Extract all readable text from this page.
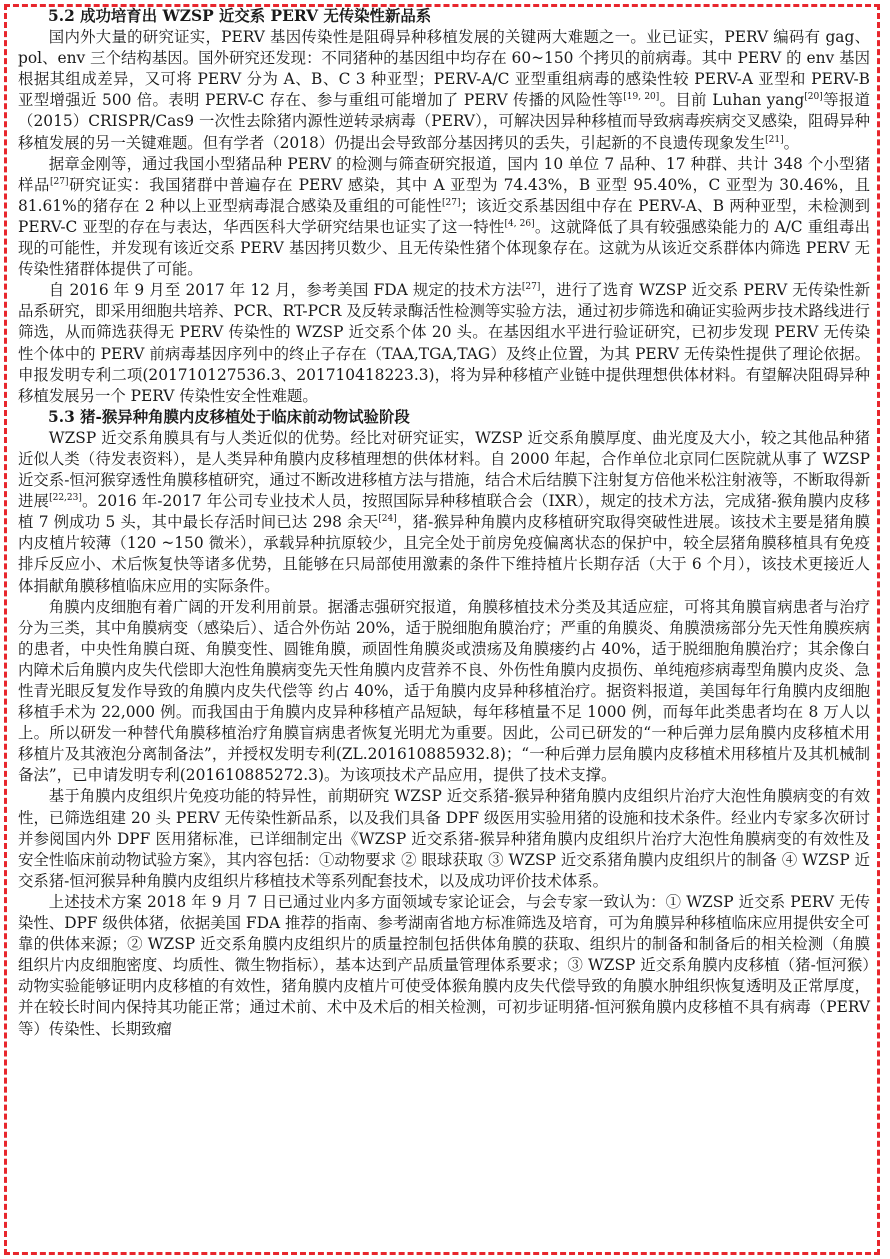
5.2 成功培育出 WZSP 近交系 PERV 无传染性新品系

国内外大量的研究证实，PERV 基因传染性是阻碍异种移植发展的关键两大难题之一。业已证实，PERV 编码有 gag、pol、env 三个结构基因。国外研究还发现：不同猪种的基因组中均存在 60~150 个拷贝的前病毒。其中 PERV 的 env 基因根据其组成差异，又可将 PERV 分为 A、B、C 3 种亚型；PERV-A/C 亚型重组病毒的感染性较 PERV-A 亚型和 PERV-B 亚型增强近 500 倍。表明 PERV-C 存在、参与重组可能增加了 PERV 传播的风险性等[19, 20]。目前 Luhan yang[20]等报道（2015）CRISPR/Cas9 一次性去除猪内源性逆转录病毒（PERV），可解决因异种移植而导致病毒疾病交叉感染，阻碍异种移植发展的另一关键难题。但有学者（2018）仍提出会导致部分基因拷贝的丢失，引起新的不良遗传现象发生[21]。

据章金刚等，通过我国小型猪品种 PERV 的检测与筛查研究报道，国内 10 单位 7 品种、17 种群、共计 348 个小型猪样品[27]研究证实：我国猪群中普遍存在 PERV 感染，其中 A 亚型为 74.43%，B 亚型 95.40%，C 亚型为 30.46%，且 81.61%的猪存在 2 种以上亚型病毒混合感染及重组的可能性[27]；该近交系基因组中存在 PERV-A、B 两种亚型，未检测到 PERV-C 亚型的存在与表达，华西医科大学研究结果也证实了这一特性[4, 26]。这就降低了具有较强感染能力的 A/C 重组毒出现的可能性，并发现有该近交系 PERV 基因拷贝数少、且无传染性猪个体现象存在。这就为从该近交系群体内筛选 PERV 无传染性猪群体提供了可能。

自 2016 年 9 月至 2017 年 12 月，参考美国 FDA 规定的技术方法[27]，进行了选育 WZSP 近交系 PERV 无传染性新品系研究，即采用细胞共培养、PCR、RT-PCR 及反转录酶活性检测等实验方法，通过初步筛选和确证实验两步技术路线进行筛选，从而筛选获得无 PERV 传染性的 WZSP 近交系个体 20 头。在基因组水平进行验证研究，已初步发现 PERV 无传染性个体中的 PERV 前病毒基因序列中的终止子存在（TAA,TGA,TAG）及终止位置，为其 PERV 无传染性提供了理论依据。申报发明专利二项(201710127536.3、201710418223.3)，将为异种移植产业链中提供理想供体材料。有望解决阻碍异种移植发展另一个 PERV 传染性安全性难题。

5.3 猪-猴异种角膜内皮移植处于临床前动物试验阶段

WZSP 近交系角膜具有与人类近似的优势。经比对研究证实，WZSP 近交系角膜厚度、曲光度及大小，较之其他品种猪近似人类（待发表资料），是人类异种角膜内皮移植理想的供体材料。自 2000 年起，合作单位北京同仁医院就从事了 WZSP 近交系-恒河猴穿透性角膜移植研究，通过不断改进移植方法与措施，结合术后结膜下注射复方倍他米松注射液等，不断取得新进展[22,23]。2016 年-2017 年公司专业技术人员，按照国际异种移植联合会（IXR），规定的技术方法，完成猪-猴角膜内皮移植 7 例成功 5 头，其中最长存活时间已达 298 余天[24]，猪-猴异种角膜内皮移植研究取得突破性进展。该技术主要是猪角膜内皮植片较薄（120 ~150 微米），承载异种抗原较少，且完全处于前房免疫偏离状态的保护中，较全层猪角膜移植具有免疫排斥反应小、术后恢复快等诸多优势，且能够在只局部使用激素的条件下维持植片长期存活（大于 6 个月），该技术更接近人体捐献角膜移植临床应用的实际条件。

角膜内皮细胞有着广阔的开发利用前景。据潘志强研究报道，角膜移植技术分类及其适应症，可将其角膜盲病患者与治疗分为三类，其中角膜病变（感染后）、适合外伤站 20%，适于脱细胞角膜治疗；严重的角膜炎、角膜溃疡部分先天性角膜疾病的患者，中央性角膜白斑、角膜变性、圆锥角膜，顽固性角膜炎或溃疡及角膜瘘约占 40%，适于脱细胞角膜治疗；其余像白内障术后角膜内皮失代偿即大泡性角膜病变先天性角膜内皮营养不良、外伤性角膜内皮损伤、单纯疱疹病毒型角膜内皮炎、急性青光眼反复发作导致的角膜内皮失代偿等 约占 40%，适于角膜内皮异种移植治疗。据资料报道，美国每年行角膜内皮细胞移植手术为 22,000 例。而我国由于角膜内皮异种移植产品短缺，每年移植量不足 1000 例，而每年此类患者均在 8 万人以上。所以研发一种替代角膜移植治疗角膜盲病患者恢复光明尤为重要。因此，公司已研发的“一种后弹力层角膜内皮移植术用移植片及其液泡分离制备法”，并授权发明专利(ZL.201610885932.8)；“一种后弹力层角膜内皮移植术用移植片及其机械制备法”，已申请发明专利(201610885272.3)。为该项技术产品应用，提供了技术支撑。

基于角膜内皮组织片免疫功能的特异性，前期研究 WZSP 近交系猪-猴异种猪角膜内皮组织片治疗大泡性角膜病变的有效性，已筛选组建 20 头 PERV 无传染性新品系，以及我们具备 DPF 级医用实验用猪的设施和技术条件。经业内专家多次研讨并参阅国内外 DPF 医用猪标准，已详细制定出《WZSP 近交系猪-猴异种猪角膜内皮组织片治疗大泡性角膜病变的有效性及安全性临床前动物试验方案》，其内容包括：①动物要求 ② 眼球获取 ③ WZSP 近交系猪角膜内皮组织片的制备 ④ WZSP 近交系猪-恒河猴异种角膜内皮组织片移植技术等系列配套技术，以及成功评价技术体系。

上述技术方案 2018 年 9 月 7 日已通过业内多方面领域专家论证会，与会专家一致认为：① WZSP 近交系 PERV 无传染性、DPF 级供体猪，依据美国 FDA 推荐的指南、参考湖南省地方标准筛选及培育，可为角膜异种移植临床应用提供安全可靠的供体来源；② WZSP 近交系角膜内皮组织片的质量控制包括供体角膜的获取、组织片的制备和制备后的相关检测（角膜组织片内皮细胞密度、均质性、微生物指标），基本达到产品质量管理体系要求；③ WZSP 近交系角膜内皮移植（猪-恒河猴）动物实验能够证明内皮移植的有效性，猪角膜内皮植片可使受体猴角膜内皮失代偿导致的角膜水肿组织恢复透明及正常厚度，并在较长时间内保持其功能正常；通过术前、术中及术后的相关检测，可初步证明猪-恒河猴角膜内皮移植不具有病毒（PERV 等）传染性、长期致瘤
